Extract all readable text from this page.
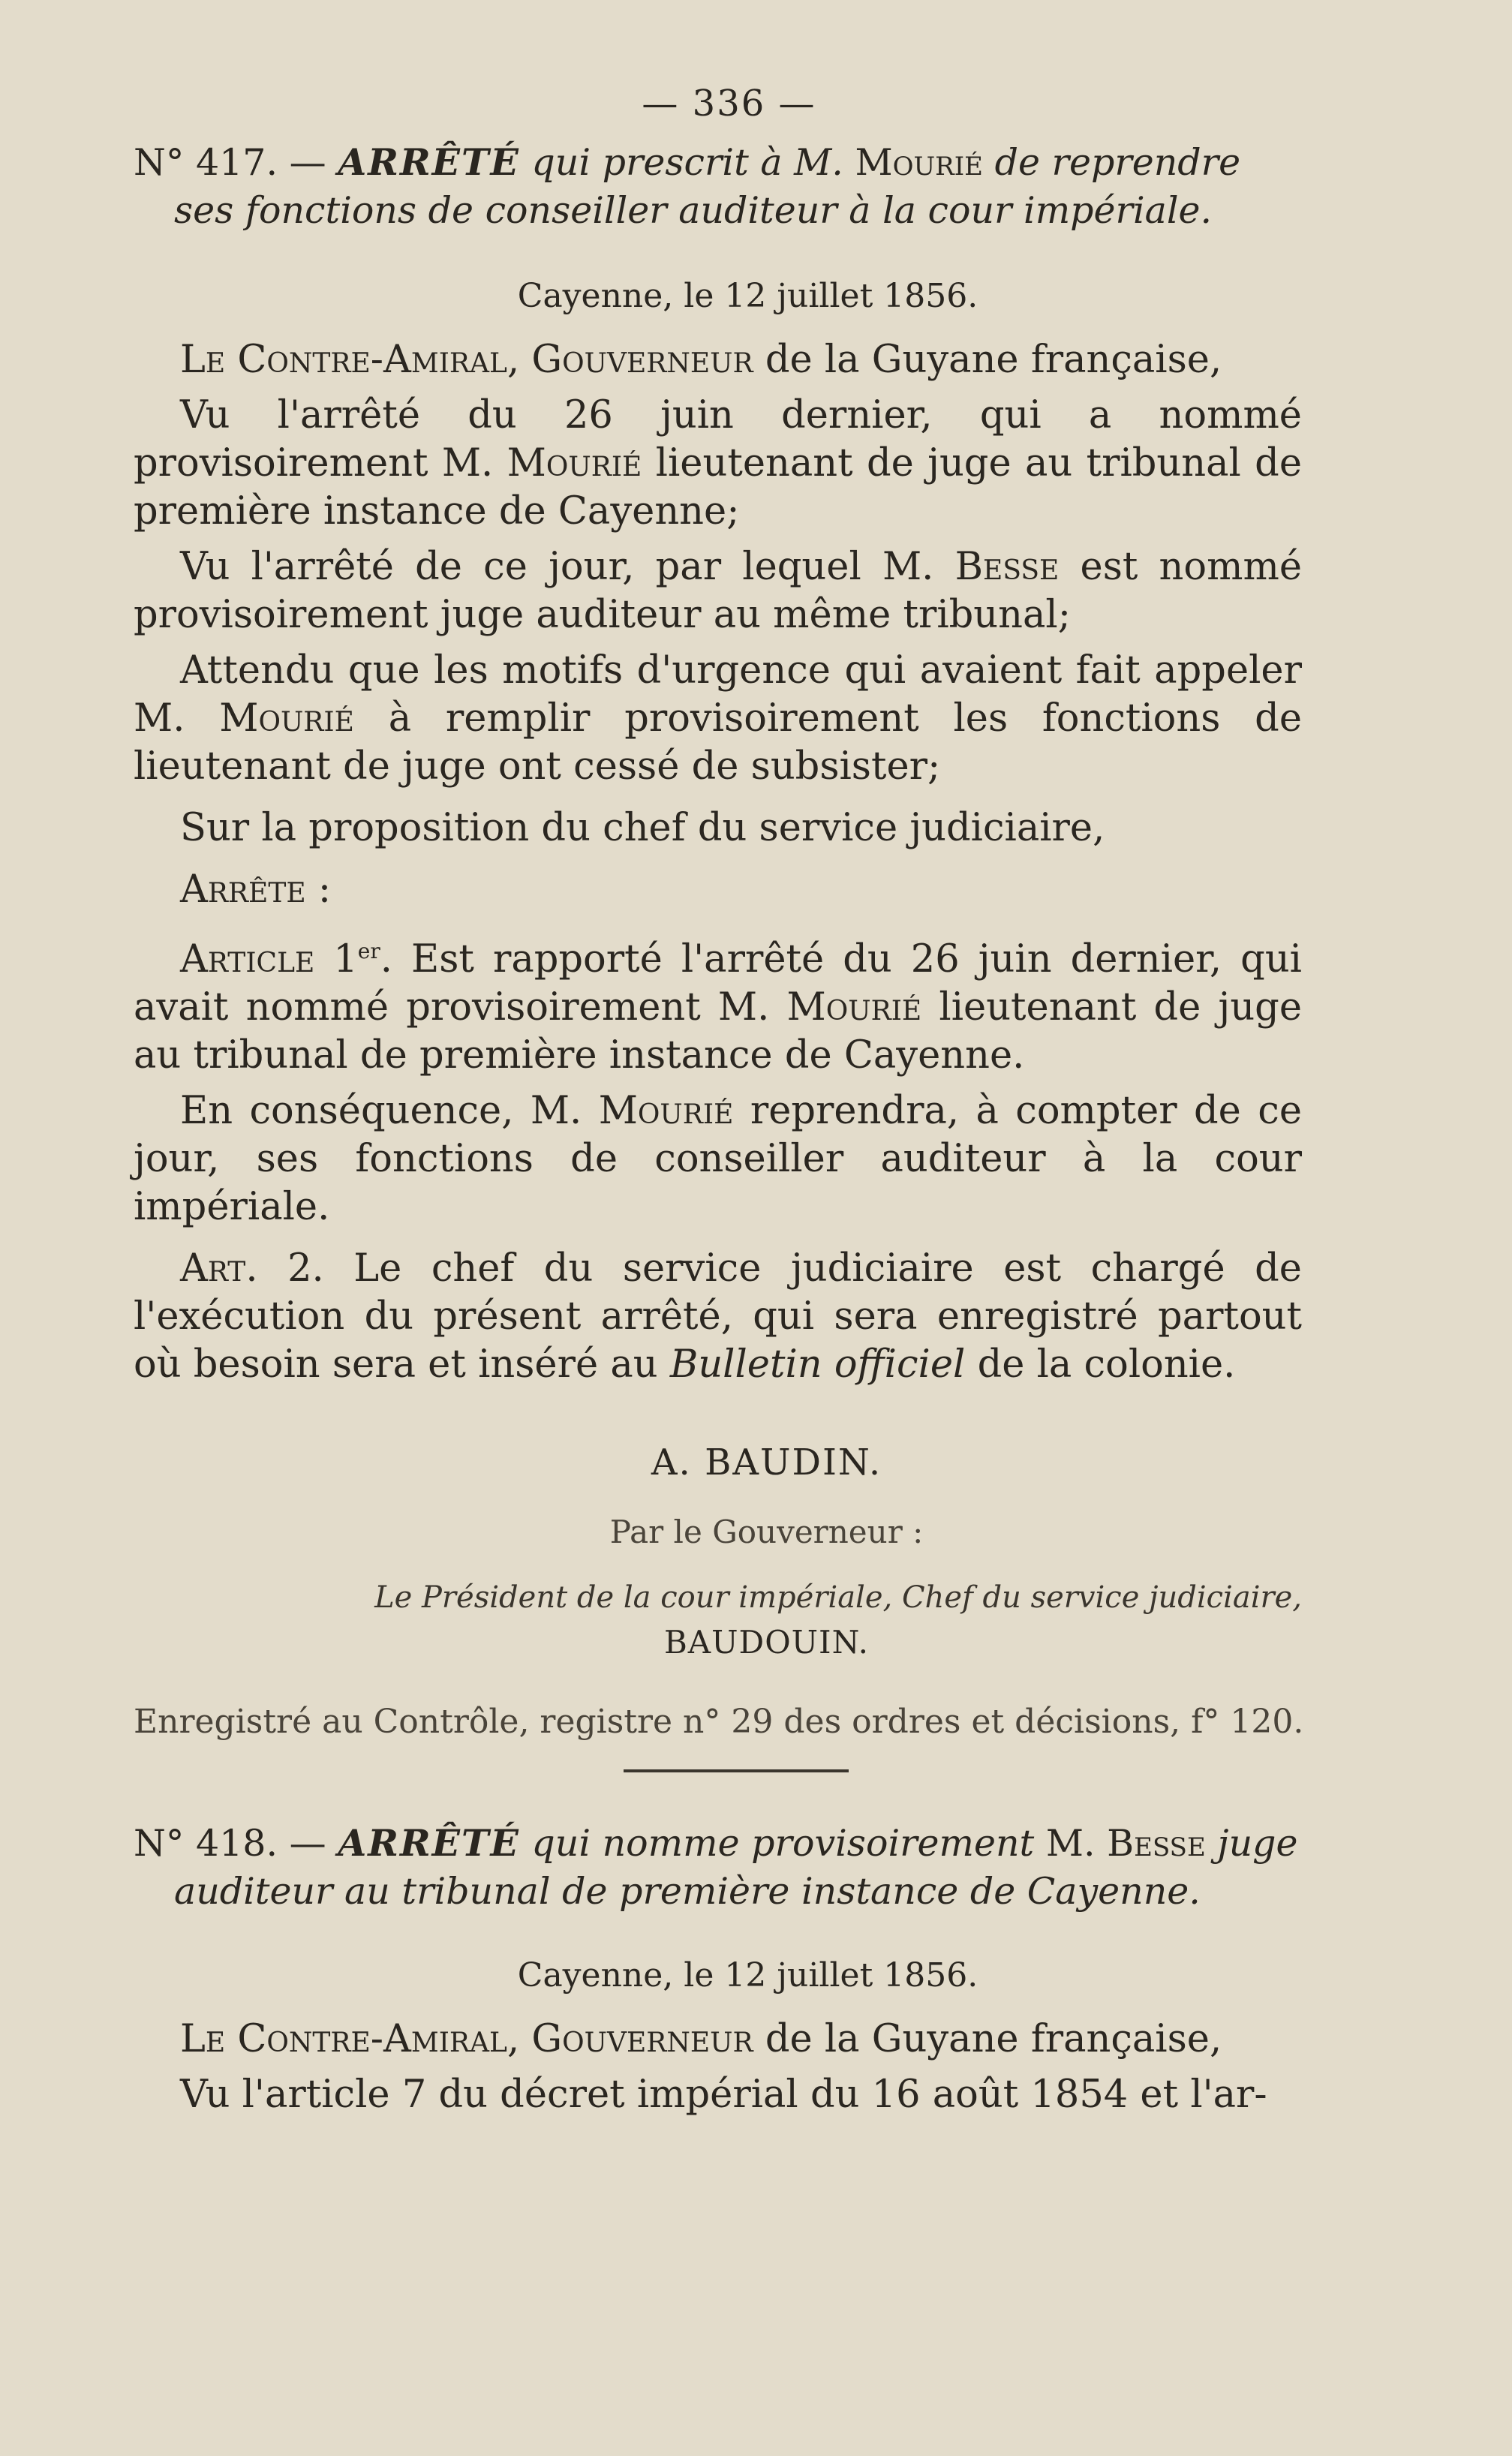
— 336 —

N° 417. — ARRÊTÉ qui prescrit à M. Mourié de reprendre ses fonctions de conseiller auditeur à la cour impériale.

Cayenne, le 12 juillet 1856.

Le Contre-Amiral, Gouverneur de la Guyane française,

Vu l'arrêté du 26 juin dernier, qui a nommé provisoirement M. Mourié lieutenant de juge au tribunal de première instance de Cayenne;

Vu l'arrêté de ce jour, par lequel M. Besse est nommé provisoirement juge auditeur au même tribunal;

Attendu que les motifs d'urgence qui avaient fait appeler M. Mourié à remplir provisoirement les fonctions de lieutenant de juge ont cessé de subsister;

Sur la proposition du chef du service judiciaire,

Arrête :

Article 1er. Est rapporté l'arrêté du 26 juin dernier, qui avait nommé provisoirement M. Mourié lieutenant de juge au tribunal de première instance de Cayenne.

En conséquence, M. Mourié reprendra, à compter de ce jour, ses fonctions de conseiller auditeur à la cour impériale.

Art. 2. Le chef du service judiciaire est chargé de l'exécution du présent arrêté, qui sera enregistré partout où besoin sera et inséré au Bulletin officiel de la colonie.

A. BAUDIN.
Par le Gouverneur :
Le Président de la cour impériale, Chef du service judiciaire,
BAUDOUIN.
Enregistré au Contrôle, registre n° 29 des ordres et décisions, f° 120.

N° 418. — ARRÊTÉ qui nomme provisoirement M. Besse juge auditeur au tribunal de première instance de Cayenne.

Cayenne, le 12 juillet 1856.

Le Contre-Amiral, Gouverneur de la Guyane française,

Vu l'article 7 du décret impérial du 16 août 1854 et l'ar-
